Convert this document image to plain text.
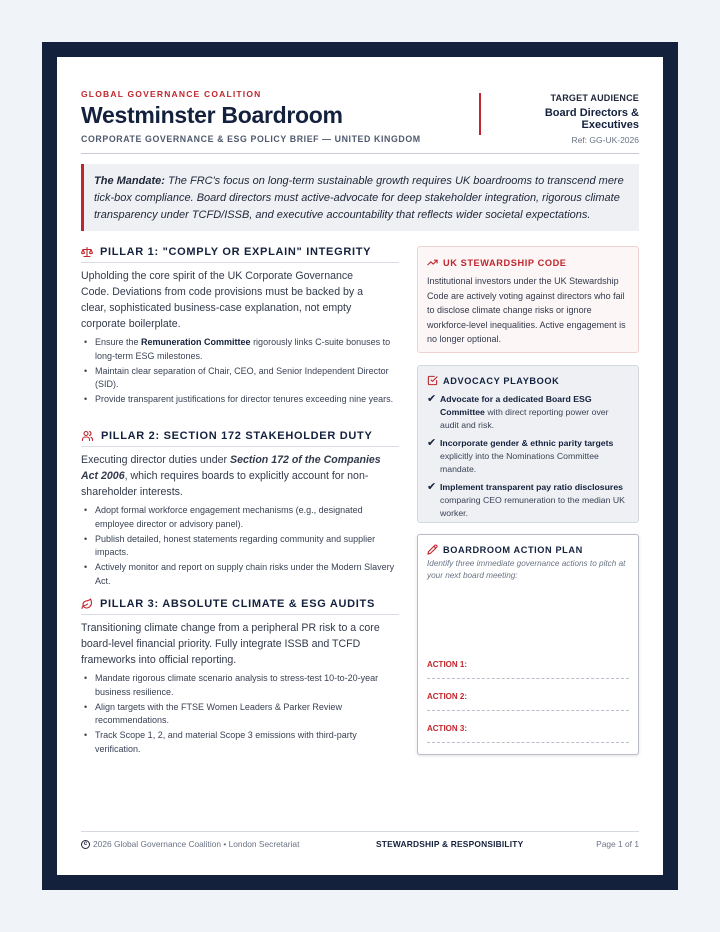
GLOBAL GOVERNANCE COALITION
Westminster Boardroom
CORPORATE GOVERNANCE & ESG POLICY BRIEF — UNITED KINGDOM
TARGET AUDIENCE
Board Directors & Executives
Ref: GG-UK-2026
The Mandate: The FRC's focus on long-term sustainable growth requires UK boardrooms to transcend mere tick-box compliance. Board directors must active-advocate for deep stakeholder integration, rigorous climate transparency under TCFD/ISSB, and executive accountability that reflects wider societal expectations.
PILLAR 1: "COMPLY OR EXPLAIN" INTEGRITY
Upholding the core spirit of the UK Corporate Governance Code. Deviations from code provisions must be backed by a clear, sophisticated business-case explanation, not empty corporate boilerplate.
• Ensure the Remuneration Committee rigorously links C-suite bonuses to long-term ESG milestones.
• Maintain clear separation of Chair, CEO, and Senior Independent Director (SID).
• Provide transparent justifications for director tenures exceeding nine years.
PILLAR 2: SECTION 172 STAKEHOLDER DUTY
Executing director duties under Section 172 of the Companies Act 2006, which requires boards to explicitly account for non-shareholder interests.
• Adopt formal workforce engagement mechanisms (e.g., designated employee director or advisory panel).
• Publish detailed, honest statements regarding community and supplier impacts.
• Actively monitor and report on supply chain risks under the Modern Slavery Act.
PILLAR 3: ABSOLUTE CLIMATE & ESG AUDITS
Transitioning climate change from a peripheral PR risk to a core board-level financial priority. Fully integrate ISSB and TCFD frameworks into official reporting.
• Mandate rigorous climate scenario analysis to stress-test 10-to-20-year business resilience.
• Align targets with the FTSE Women Leaders & Parker Review recommendations.
• Track Scope 1, 2, and material Scope 3 emissions with third-party verification.
UK STEWARDSHIP CODE

Institutional investors under the UK Stewardship Code are actively voting against directors who fail to disclose climate change risks or ignore workforce-level inequalities. Active engagement is no longer optional.

ADVOCACY PLAYBOOK
✔ Advocate for a dedicated Board ESG Committee with direct reporting power over audit and risk.
✔ Incorporate gender & ethnic parity targets explicitly into the Nominations Committee mandate.
✔ Implement transparent pay ratio disclosures comparing CEO remuneration to the median UK worker.
BOARDROOM ACTION PLAN
Identify three immediate governance actions to pitch at your next board meeting:
ACTION 1:
ACTION 2:
ACTION 3:
c 2026 Global Governance Coalition • London Secretariat	STEWARDSHIP & RESPONSIBILITY	Page 1 of 1
